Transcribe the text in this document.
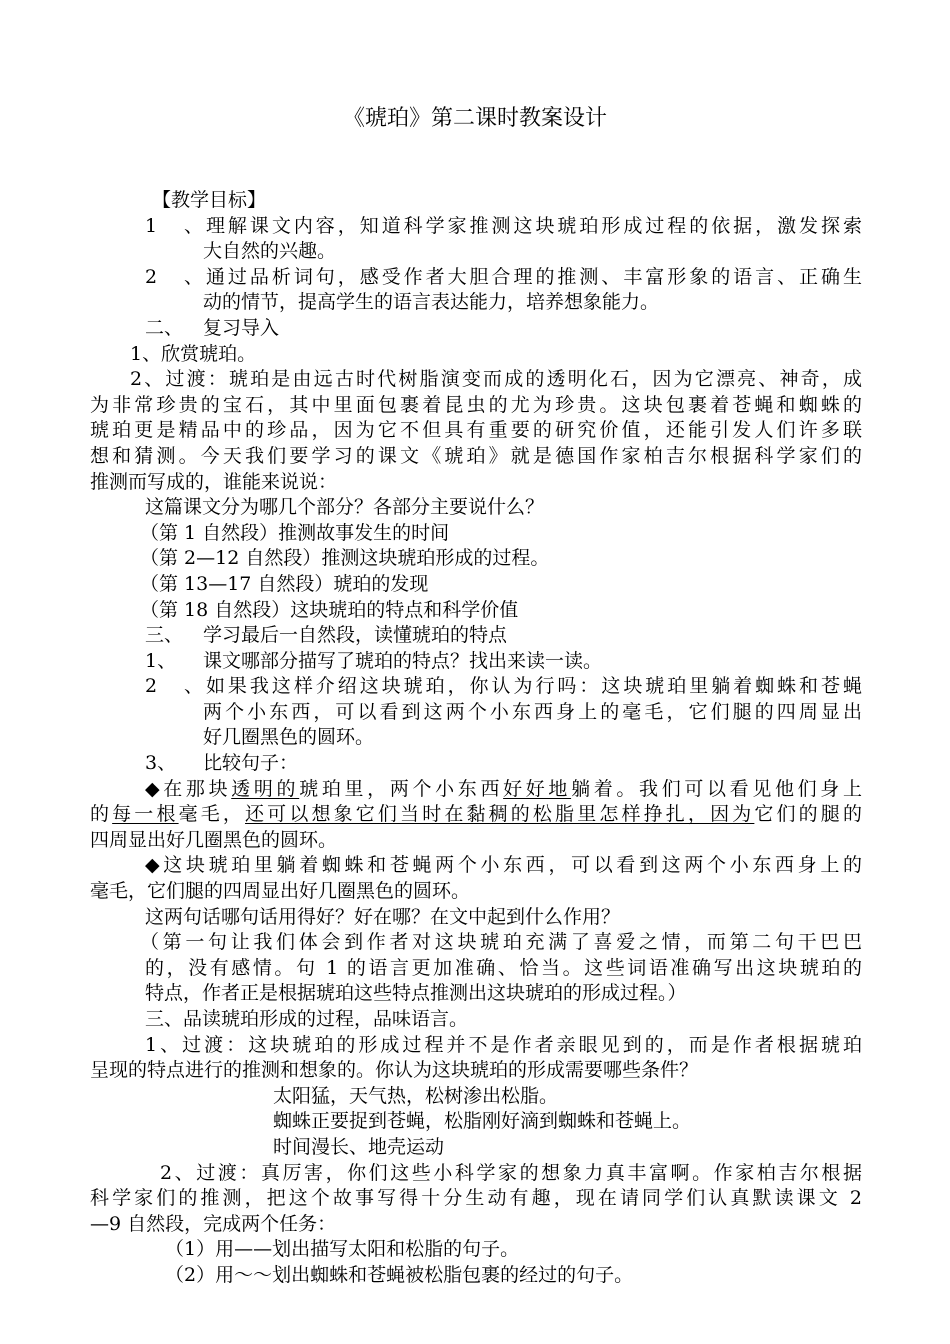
《琥珀》第二课时教案设计
【教学目标】
1、理解课文内容，知道科学家推测这块琥珀形成过程的依据，激发探索
大自然的兴趣。
2、通过品析词句，感受作者大胆合理的推测、丰富形象的语言、正确生
动的情节，提高学生的语言表达能力，培养想象能力。
二、 复习导入
1、欣赏琥珀。
2、过渡：琥珀是由远古时代树脂演变而成的透明化石，因为它漂亮、神奇，成
为非常珍贵的宝石，其中里面包裹着昆虫的尤为珍贵。这块包裹着苍蝇和蜘蛛的
琥珀更是精品中的珍品，因为它不但具有重要的研究价值，还能引发人们许多联
想和猜测。今天我们要学习的课文《琥珀》就是德国作家柏吉尔根据科学家们的
推测而写成的，谁能来说说：
这篇课文分为哪几个部分？各部分主要说什么？
（第 1 自然段）推测故事发生的时间
（第 2—12 自然段）推测这块琥珀形成的过程。
（第 13—17 自然段）琥珀的发现
（第 18 自然段）这块琥珀的特点和科学价值
三、 学习最后一自然段，读懂琥珀的特点
1、 课文哪部分描写了琥珀的特点？找出来读一读。
2、如果我这样介绍这块琥珀，你认为行吗：这块琥珀里躺着蜘蛛和苍蝇
两个小东西，可以看到这两个小东西身上的毫毛，它们腿的四周显出
好几圈黑色的圆环。
3、 比较句子：
◆在那块透明的琥珀里，两个小东西好好地躺着。我们可以看见他们身上
的每一根毫毛，还可以想象它们当时在黏稠的松脂里怎样挣扎，因为它们的腿的
四周显出好几圈黑色的圆环。
◆这块琥珀里躺着蜘蛛和苍蝇两个小东西，可以看到这两个小东西身上的
毫毛，它们腿的四周显出好几圈黑色的圆环。
这两句话哪句话用得好？好在哪？在文中起到什么作用？
（第一句让我们体会到作者对这块琥珀充满了喜爱之情，而第二句干巴巴
的，没有感情。句 1 的语言更加准确、恰当。这些词语准确写出这块琥珀的
特点，作者正是根据琥珀这些特点推测出这块琥珀的形成过程。）
三、品读琥珀形成的过程，品味语言。
1、过渡：这块琥珀的形成过程并不是作者亲眼见到的，而是作者根据琥珀
呈现的特点进行的推测和想象的。你认为这块琥珀的形成需要哪些条件？
太阳猛，天气热，松树渗出松脂。
蜘蛛正要捉到苍蝇，松脂刚好滴到蜘蛛和苍蝇上。
时间漫长、地壳运动
2、过渡：真厉害，你们这些小科学家的想象力真丰富啊。作家柏吉尔根据
科学家们的推测，把这个故事写得十分生动有趣，现在请同学们认真默读课文 2
—9 自然段，完成两个任务：
（1）用——划出描写太阳和松脂的句子。
（2）用～～划出蜘蛛和苍蝇被松脂包裹的经过的句子。
